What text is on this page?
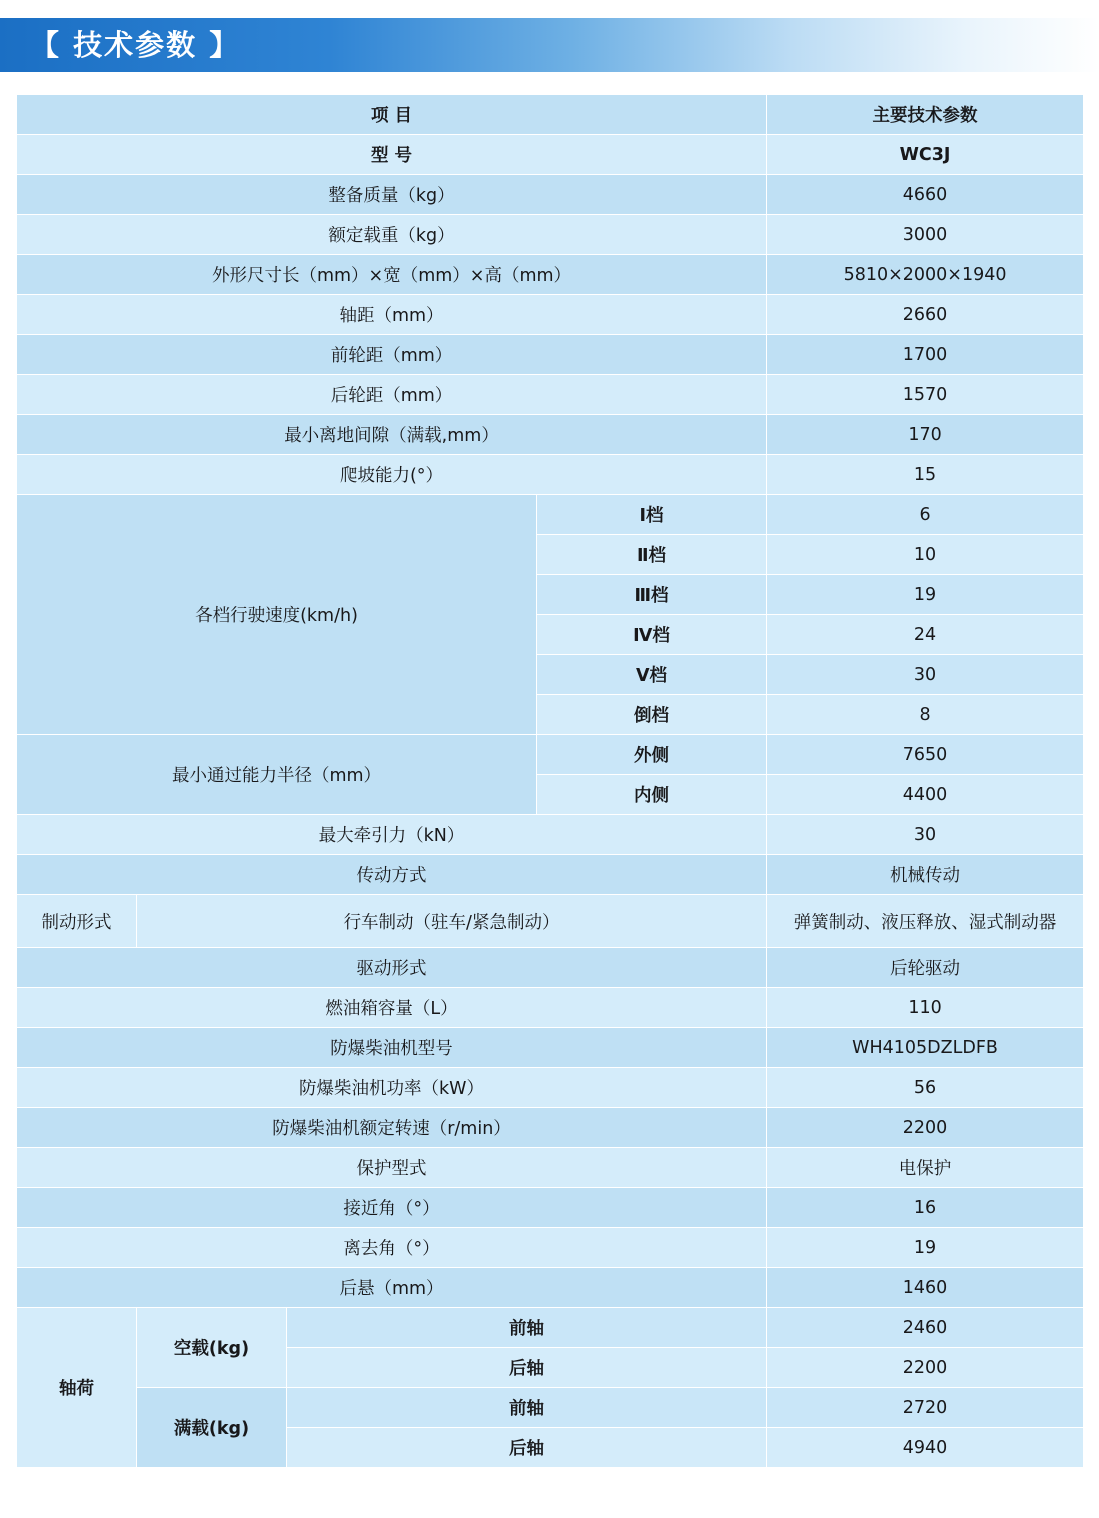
【 技术参数 】
项 目				主要技术参数
型 号				WC3J
整备质量（kg）				4660
额定载重（kg）				3000
外形尺寸长（mm）×宽（mm）×高（mm）				5810×2000×1940
轴距（mm）				2660
前轮距（mm）				1700
后轮距（mm）				1570
最小离地间隙（满载,mm）				170
爬坡能力(°）				15
各档行驶速度(km/h)			Ⅰ档	6
			Ⅱ档	10
			Ⅲ档	19
			Ⅳ档	24
			Ⅴ档	30
			倒档	8
最小通过能力半径（mm）			外侧	7650
			内侧	4400
最大牵引力（kN）				30
传动方式				机械传动
制动形式	行车制动（驻车/紧急制动）			弹簧制动、液压释放、湿式制动器
驱动形式				后轮驱动
燃油箱容量（L）				110
防爆柴油机型号				WH4105DZLDFB
防爆柴油机功率（kW）				56
防爆柴油机额定转速（r/min）				2200
保护型式				电保护
接近角（°）				16
离去角（°）				19
后悬（mm）				1460
轴荷	空载(kg)	前轴		2460
		后轴		2200
	满载(kg)	前轴		2720
		后轴		4940
